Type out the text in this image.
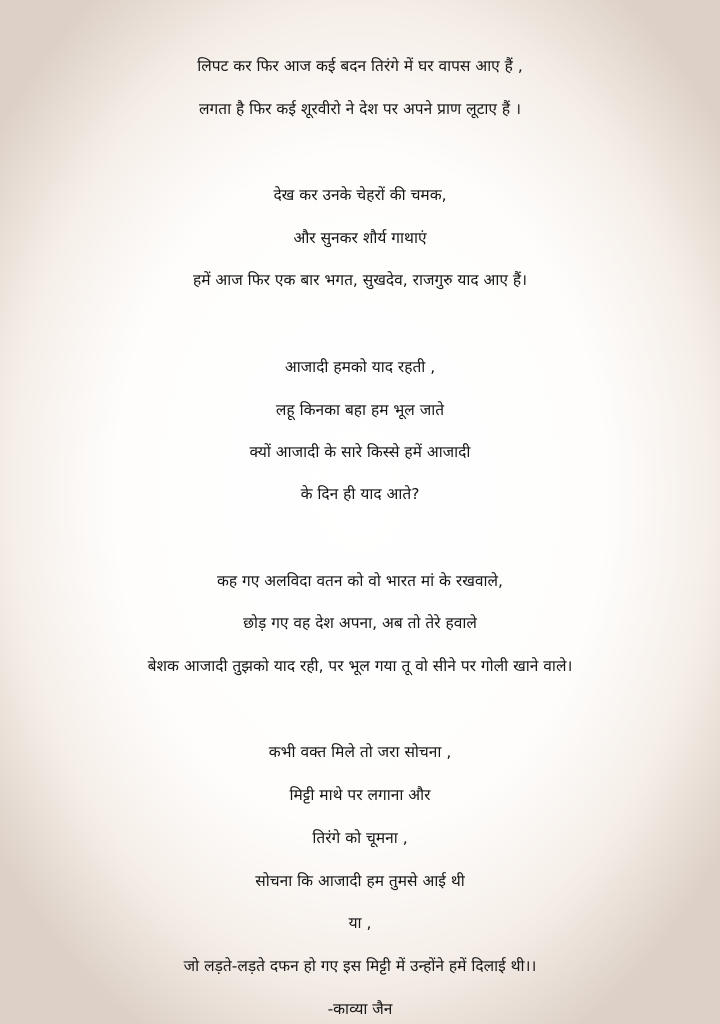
लिपट कर फिर आज कई बदन तिरंगे में घर वापस आए हैं ,
लगता है फिर कई शूरवीरो ने देश पर अपने प्राण लूटाए हैं ।
देख कर उनके चेहरों की चमक,
और सुनकर शौर्य गाथाएं
हमें आज फिर एक बार भगत, सुखदेव, राजगुरु याद आए हैं।
आजादी हमको याद रहती ,
लहू किनका बहा हम भूल जाते
क्यों आजादी के सारे किस्से हमें आजादी
के दिन ही याद आते?
कह गए अलविदा वतन को वो भारत मां के रखवाले,
छोड़ गए वह देश अपना, अब तो तेरे हवाले
बेशक आजादी तुझको याद रही, पर भूल गया तू वो सीने पर गोली खाने वाले।
कभी वक्त मिले तो जरा सोचना ,
मिट्टी माथे पर लगाना और
तिरंगे को चूमना ,
सोचना कि आजादी हम तुमसे आई थी
या ,
जो लड़ते-लड़ते दफन हो गए इस मिट्टी में उन्होंने हमें दिलाई थी।।
-काव्या जैन
